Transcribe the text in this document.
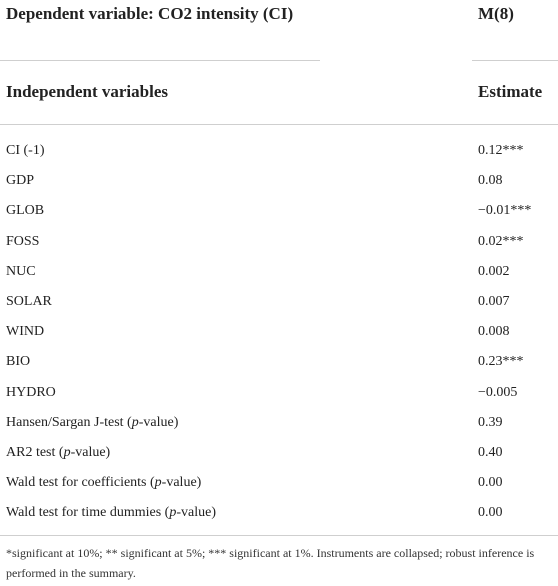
Dependent variable: CO2 intensity (CI)	M(8)
Independent variables	Estimate
CI (-1)	0.12***
GDP	0.08
GLOB	−0.01***
FOSS	0.02***
NUC	0.002
SOLAR	0.007
WIND	0.008
BIO	0.23***
HYDRO	−0.005
Hansen/Sargan J-test (p-value)	0.39
AR2 test (p-value)	0.40
Wald test for coefficients (p-value)	0.00
Wald test for time dummies (p-value)	0.00
*significant at 10%; ** significant at 5%; *** significant at 1%. Instruments are collapsed; robust inference is performed in the summary.
